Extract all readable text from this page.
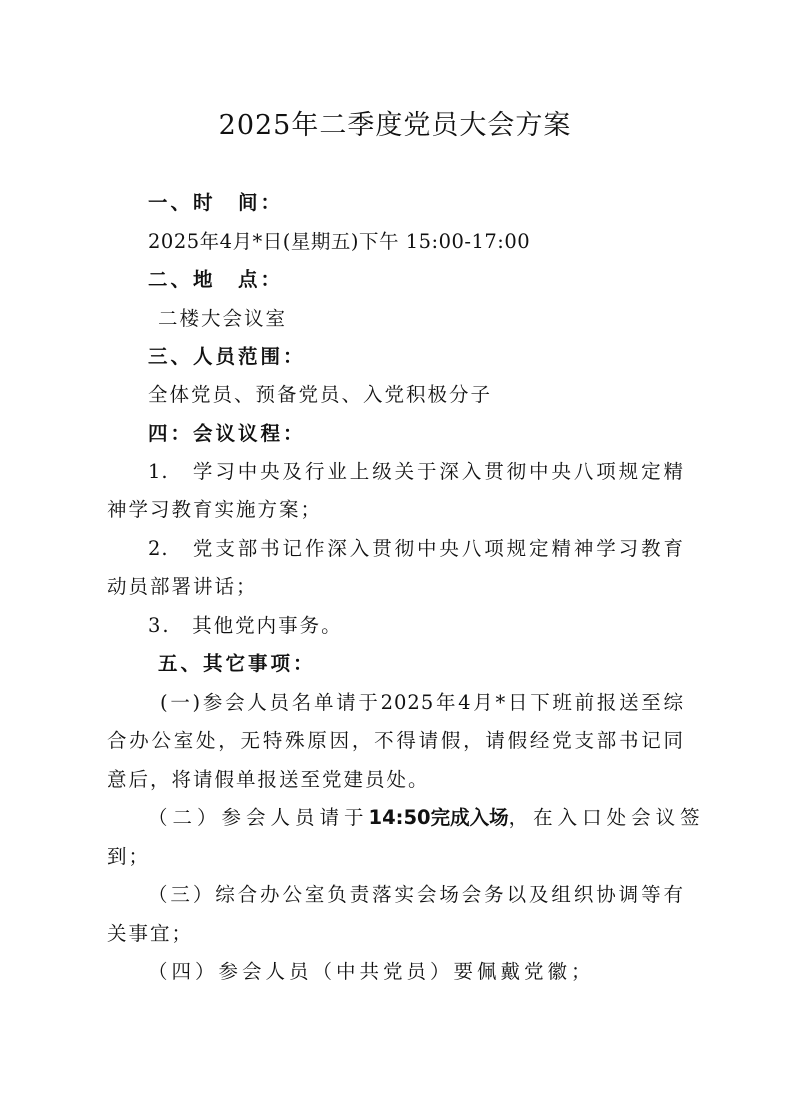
2025年二季度党员大会方案
一、时　间：
2025年4月*日(星期五)下午 15:00-17:00
二、地　点：
二楼大会议室
三、人员范围：
全体党员、预备党员、入党积极分子
四：会议议程：
1.　学习中央及行业上级关于深入贯彻中央八项规定精
神学习教育实施方案；
2.　党支部书记作深入贯彻中央八项规定精神学习教育
动员部署讲话；
3.　其他党内事务。
五、其它事项：
(一)参会人员名单请于2025年4月*日下班前报送至综
合办公室处，无特殊原因，不得请假，请假经党支部书记同
意后，将请假单报送至党建员处。
（二）参会人员请于 14:50完成入场 ，在入口处会议签
到；
（三）综合办公室负责落实会场会务以及组织协调等有
关事宜；
（四）参会人员（中共党员）要佩戴党徽；
